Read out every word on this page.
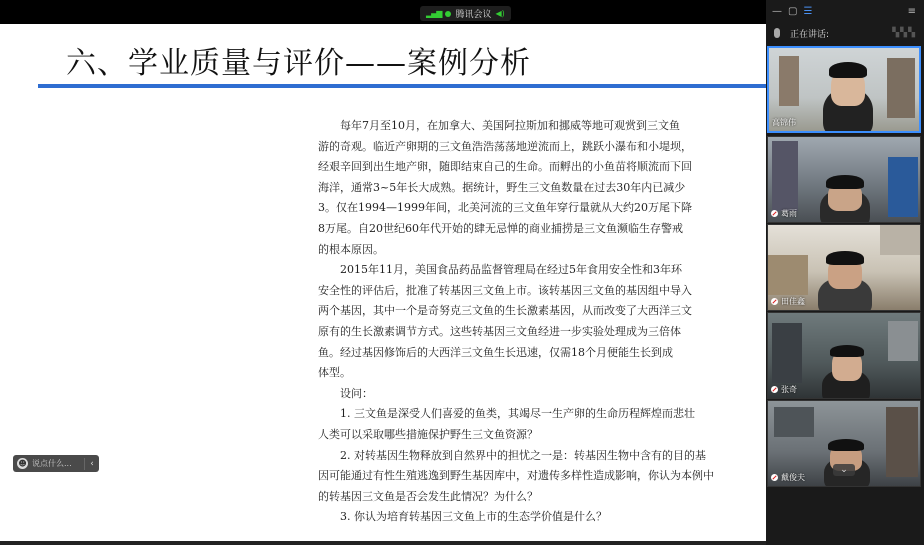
▂▄▆ 腾讯会议 ◀)
六、学业质量与评价——案例分析

每年7月至10月，在加拿大、美国阿拉斯加和挪威等地可观赏到三文鱼

游的奇观。临近产卵期的三文鱼浩浩荡荡地逆流而上，跳跃小瀑布和小堤坝，

经艰辛回到出生地产卵，随即结束自己的生命。而孵出的小鱼苗将顺流而下回

海洋，通常3~5年长大成熟。据统计，野生三文鱼数量在过去30年内已减少

3。仅在1994—1999年间，北美河流的三文鱼年穿行量就从大约20万尾下降

8万尾。自20世纪60年代开始的肆无忌惮的商业捕捞是三文鱼濒临生存警戒

的根本原因。

2015年11月，美国食品药品监督管理局在经过5年食用安全性和3年环

安全性的评估后，批准了转基因三文鱼上市。该转基因三文鱼的基因组中导入

两个基因，其中一个是奇努克三文鱼的生长激素基因，从而改变了大西洋三文

原有的生长激素调节方式。这些转基因三文鱼经进一步实验处理成为三倍体

鱼。经过基因修饰后的大西洋三文鱼生长迅速，仅需18个月便能生长到成

体型。

设问：

1. 三文鱼是深受人们喜爱的鱼类，其竭尽一生产卵的生命历程辉煌而悲壮

人类可以采取哪些措施保护野生三文鱼资源？

2. 对转基因生物释放到自然界中的担忧之一是：转基因生物中含有的目的基

因可能通过有性生殖逃逸到野生基因库中，对遗传多样性造成影响，你认为本例中

的转基因三文鱼是否会发生此情况？为什么？

3. 你认为培育转基因三文鱼上市的生态学价值是什么？

☻ 说点什么...	‹
— ▢ ☰	≡
正在讲话:	▚▚▚
高锦伟
葛雨
田佳鑫
张奇
戴俊夫
⌄
